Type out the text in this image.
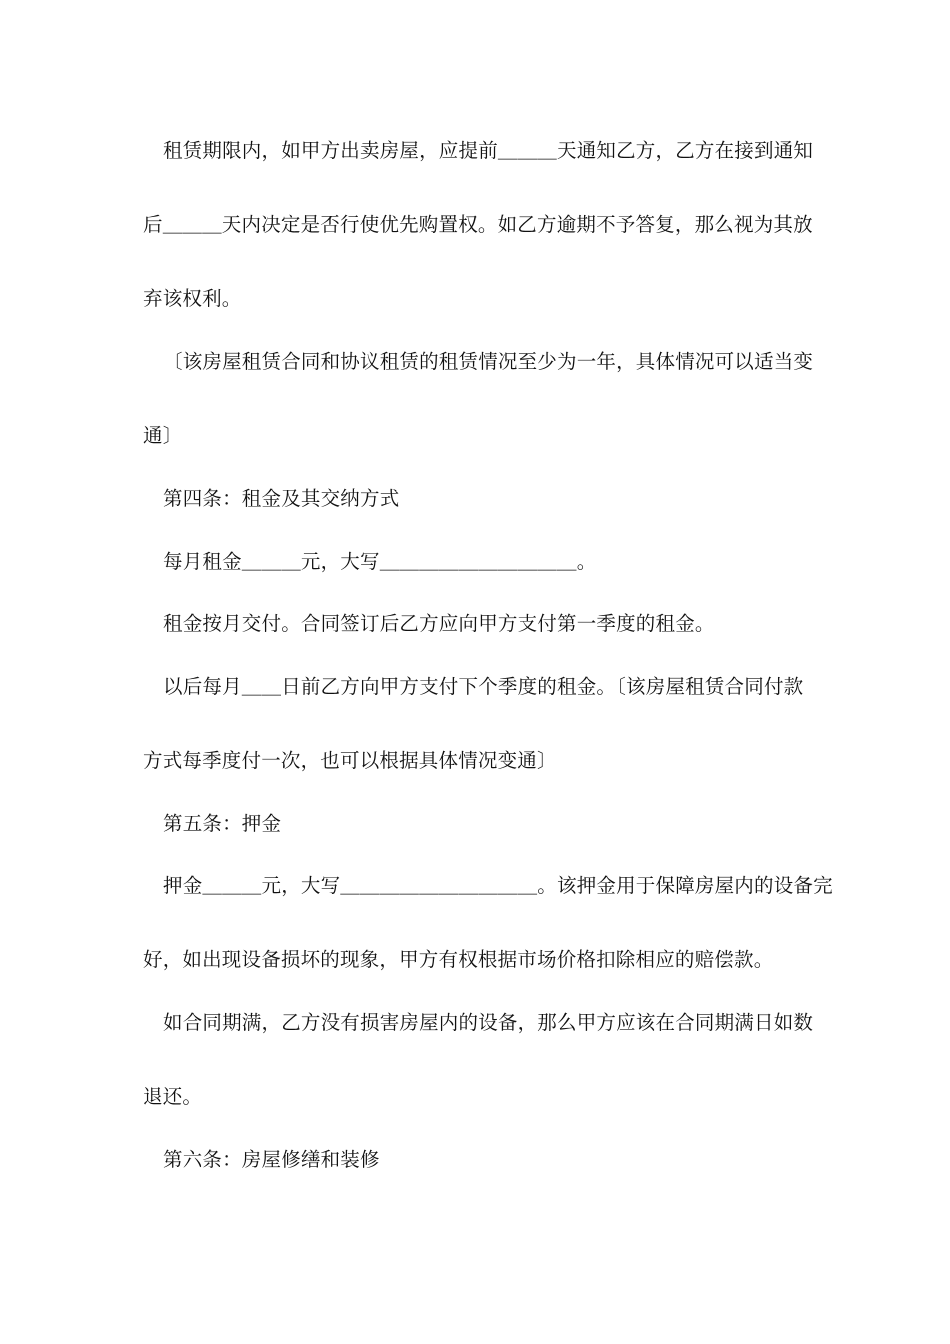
租赁期限内，如甲方出卖房屋，应提前＿＿＿天通知乙方，乙方在接到通知
后＿＿＿天内决定是否行使优先购置权。如乙方逾期不予答复，那么视为其放
弃该权利。
〔该房屋租赁合同和协议租赁的租赁情况至少为一年，具体情况可以适当变
通〕
第四条：租金及其交纳方式
每月租金＿＿＿元，大写＿＿＿＿＿＿＿＿＿＿。
租金按月交付。合同签订后乙方应向甲方支付第一季度的租金。
以后每月＿＿日前乙方向甲方支付下个季度的租金。〔该房屋租赁合同付款
方式每季度付一次，也可以根据具体情况变通〕
第五条：押金
押金＿＿＿元，大写＿＿＿＿＿＿＿＿＿＿。该押金用于保障房屋内的设备完
好，如出现设备损坏的现象，甲方有权根据市场价格扣除相应的赔偿款。
如合同期满，乙方没有损害房屋内的设备，那么甲方应该在合同期满日如数
退还。
第六条：房屋修缮和装修
